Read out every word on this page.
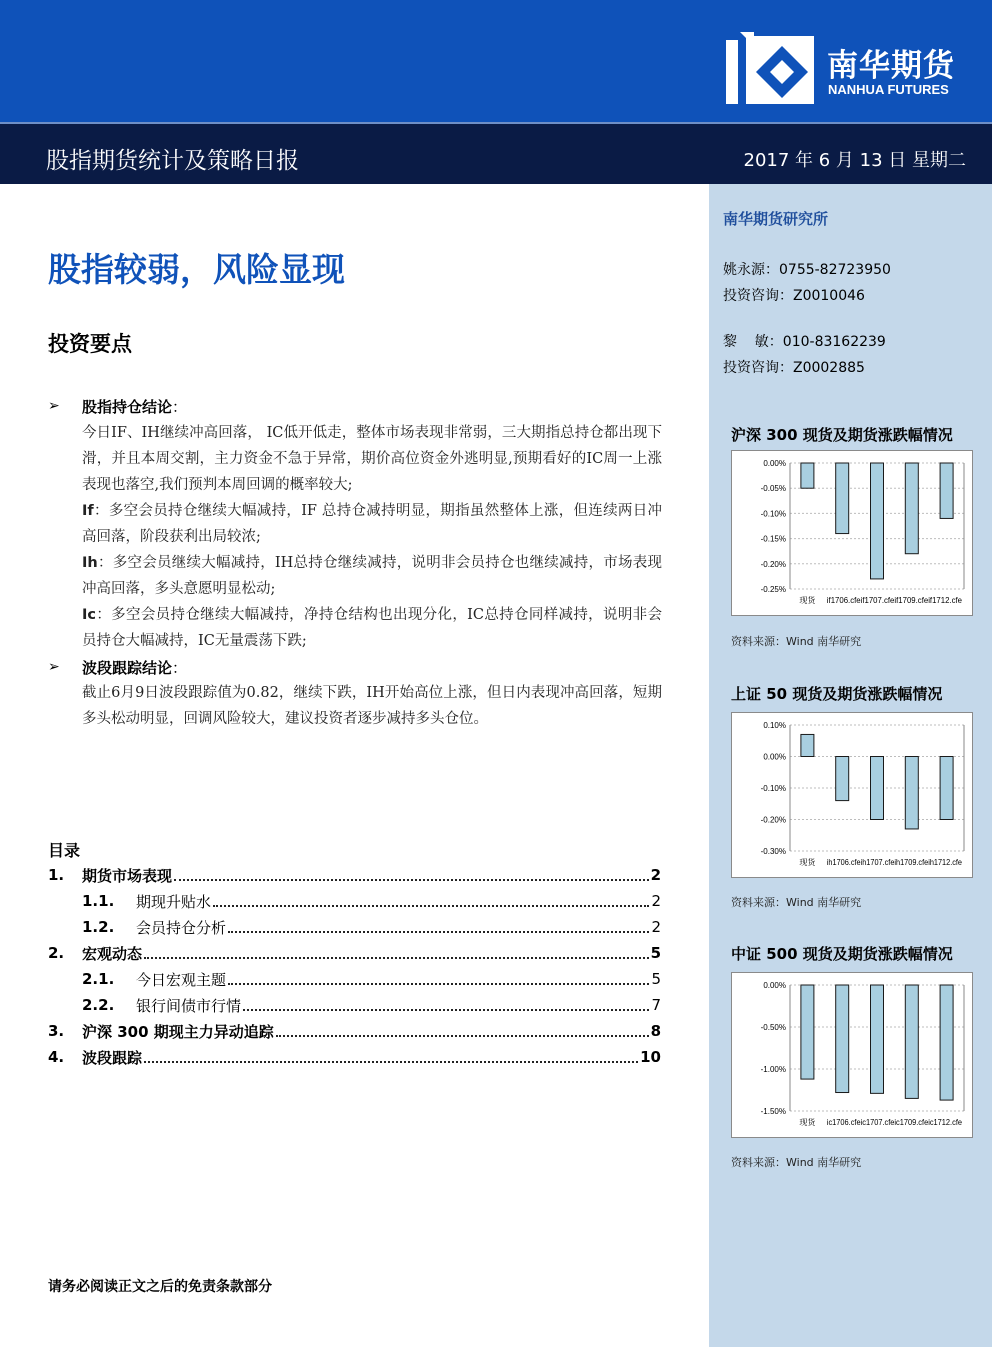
南华期货
NANHUA FUTURES
股指期货统计及策略日报	2017 年 6 月 13 日 星期二
股指较弱，风险显现
投资要点
➢ 股指持仓结论：
今日IF、IH继续冲高回落， IC低开低走，整体市场表现非常弱，三大期指总持仓都出现下滑，并且本周交割，主力资金不急于异常，期价高位资金外逃明显,预期看好的IC周一上涨表现也落空,我们预判本周回调的概率较大;
If：多空会员持仓继续大幅减持，IF 总持仓减持明显，期指虽然整体上涨，但连续两日冲高回落，阶段获利出局较浓;
Ih：多空会员继续大幅减持，IH总持仓继续减持，说明非会员持仓也继续减持，市场表现冲高回落，多头意愿明显松动;
Ic：多空会员持仓继续大幅减持，净持仓结构也出现分化，IC总持仓同样减持，说明非会员持仓大幅减持，IC无量震荡下跌;
➢ 波段跟踪结论：
截止6月9日波段跟踪值为0.82，继续下跌，IH开始高位上涨，但日内表现冲高回落，短期多头松动明显，回调风险较大，建议投资者逐步减持多头仓位。
目录
1.	期货市场表现	2
1.1.	期现升贴水	2
1.2.	会员持仓分析	2
2.	宏观动态	5
2.1.	今日宏观主题	5
2.2.	银行间债市行情	7
3.	沪深 300 期现主力异动追踪	8
4.	波段跟踪	10
请务必阅读正文之后的免责条款部分
南华期货研究所
姚永源：0755-82723950
投资咨询：Z0010046
黎    敏：010-83162239
投资咨询：Z0002885
沪深 300 现货及期货涨跌幅情况
0.00%
-0.05%
-0.10%
-0.15%
-0.20%
-0.25%
现货 if1706.cfeif1707.cfeif1709.cfeif1712.cfe
资料来源：Wind 南华研究
上证 50 现货及期货涨跌幅情况
0.10%
0.00%
-0.10%
-0.20%
-0.30%
现货 ih1706.cfeih1707.cfeih1709.cfeih1712.cfe
资料来源：Wind 南华研究
中证 500 现货及期货涨跌幅情况
0.00%
-0.50%
-1.00%
-1.50%
现货 ic1706.cfeic1707.cfeic1709.cfeic1712.cfe
资料来源：Wind 南华研究
